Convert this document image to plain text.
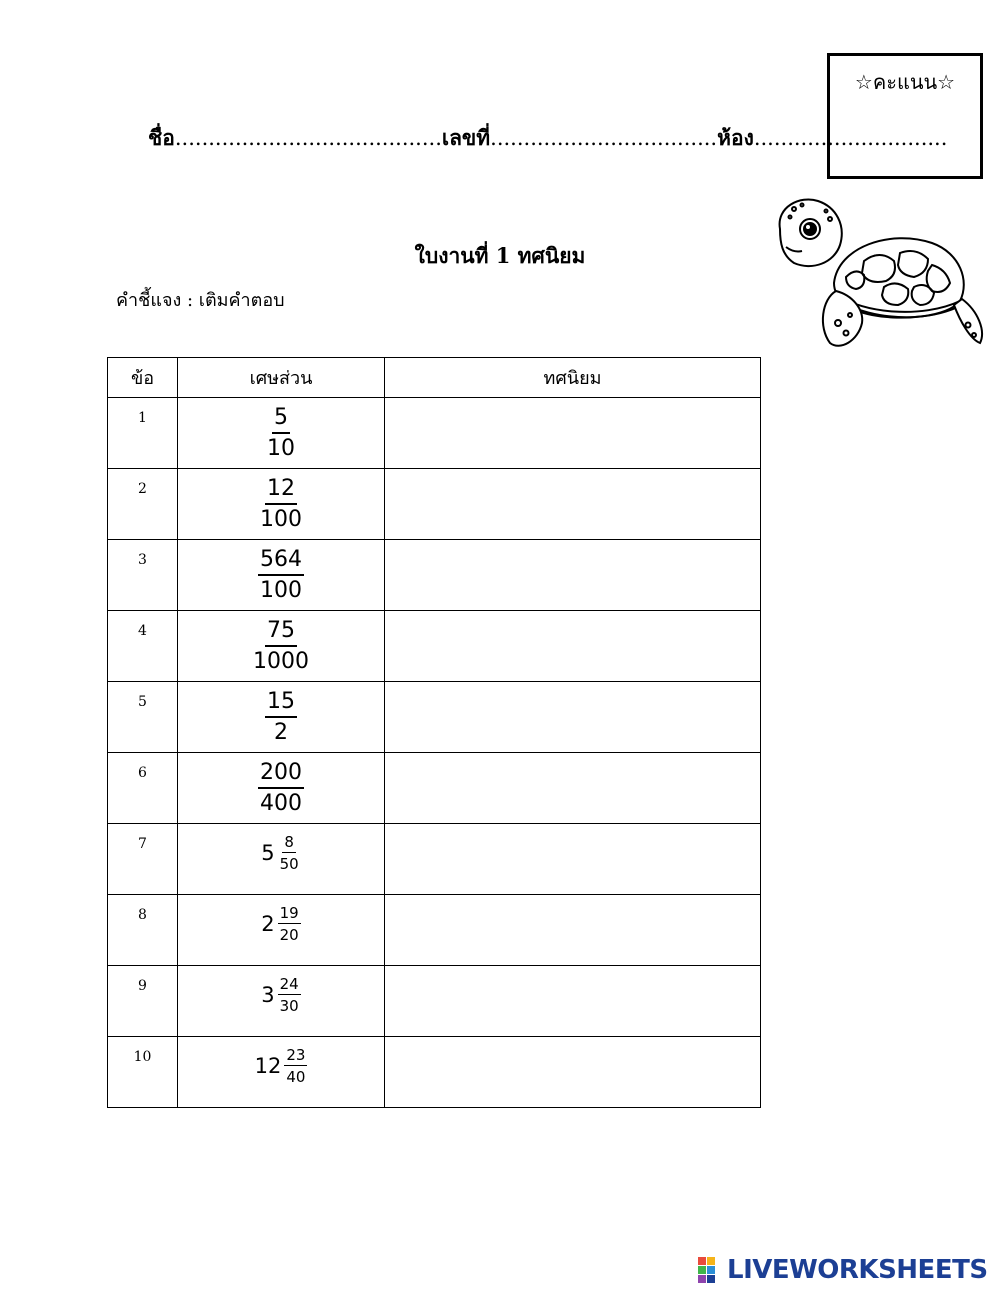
ชื่อ........................................เลขที่..................................ห้อง.............................
☆คะแนน☆
ใบงานที่ 1 ทศนิยม
คำชี้แจง : เติมคำตอบ
ข้อ	เศษส่วน	ทศนิยม

1	$\frac{5}{10}$

2	$\frac{12}{100}$

3	$\frac{564}{100}$

4	$\frac{75}{1000}$

5	$\frac{15}{2}$

6	$\frac{200}{400}$

7	$5 \frac{8}{50}$

8	$2 \frac{19}{20}$

9	$3 \frac{24}{30}$

10	$12 \frac{23}{40}$

LIVEWORKSHEETS
